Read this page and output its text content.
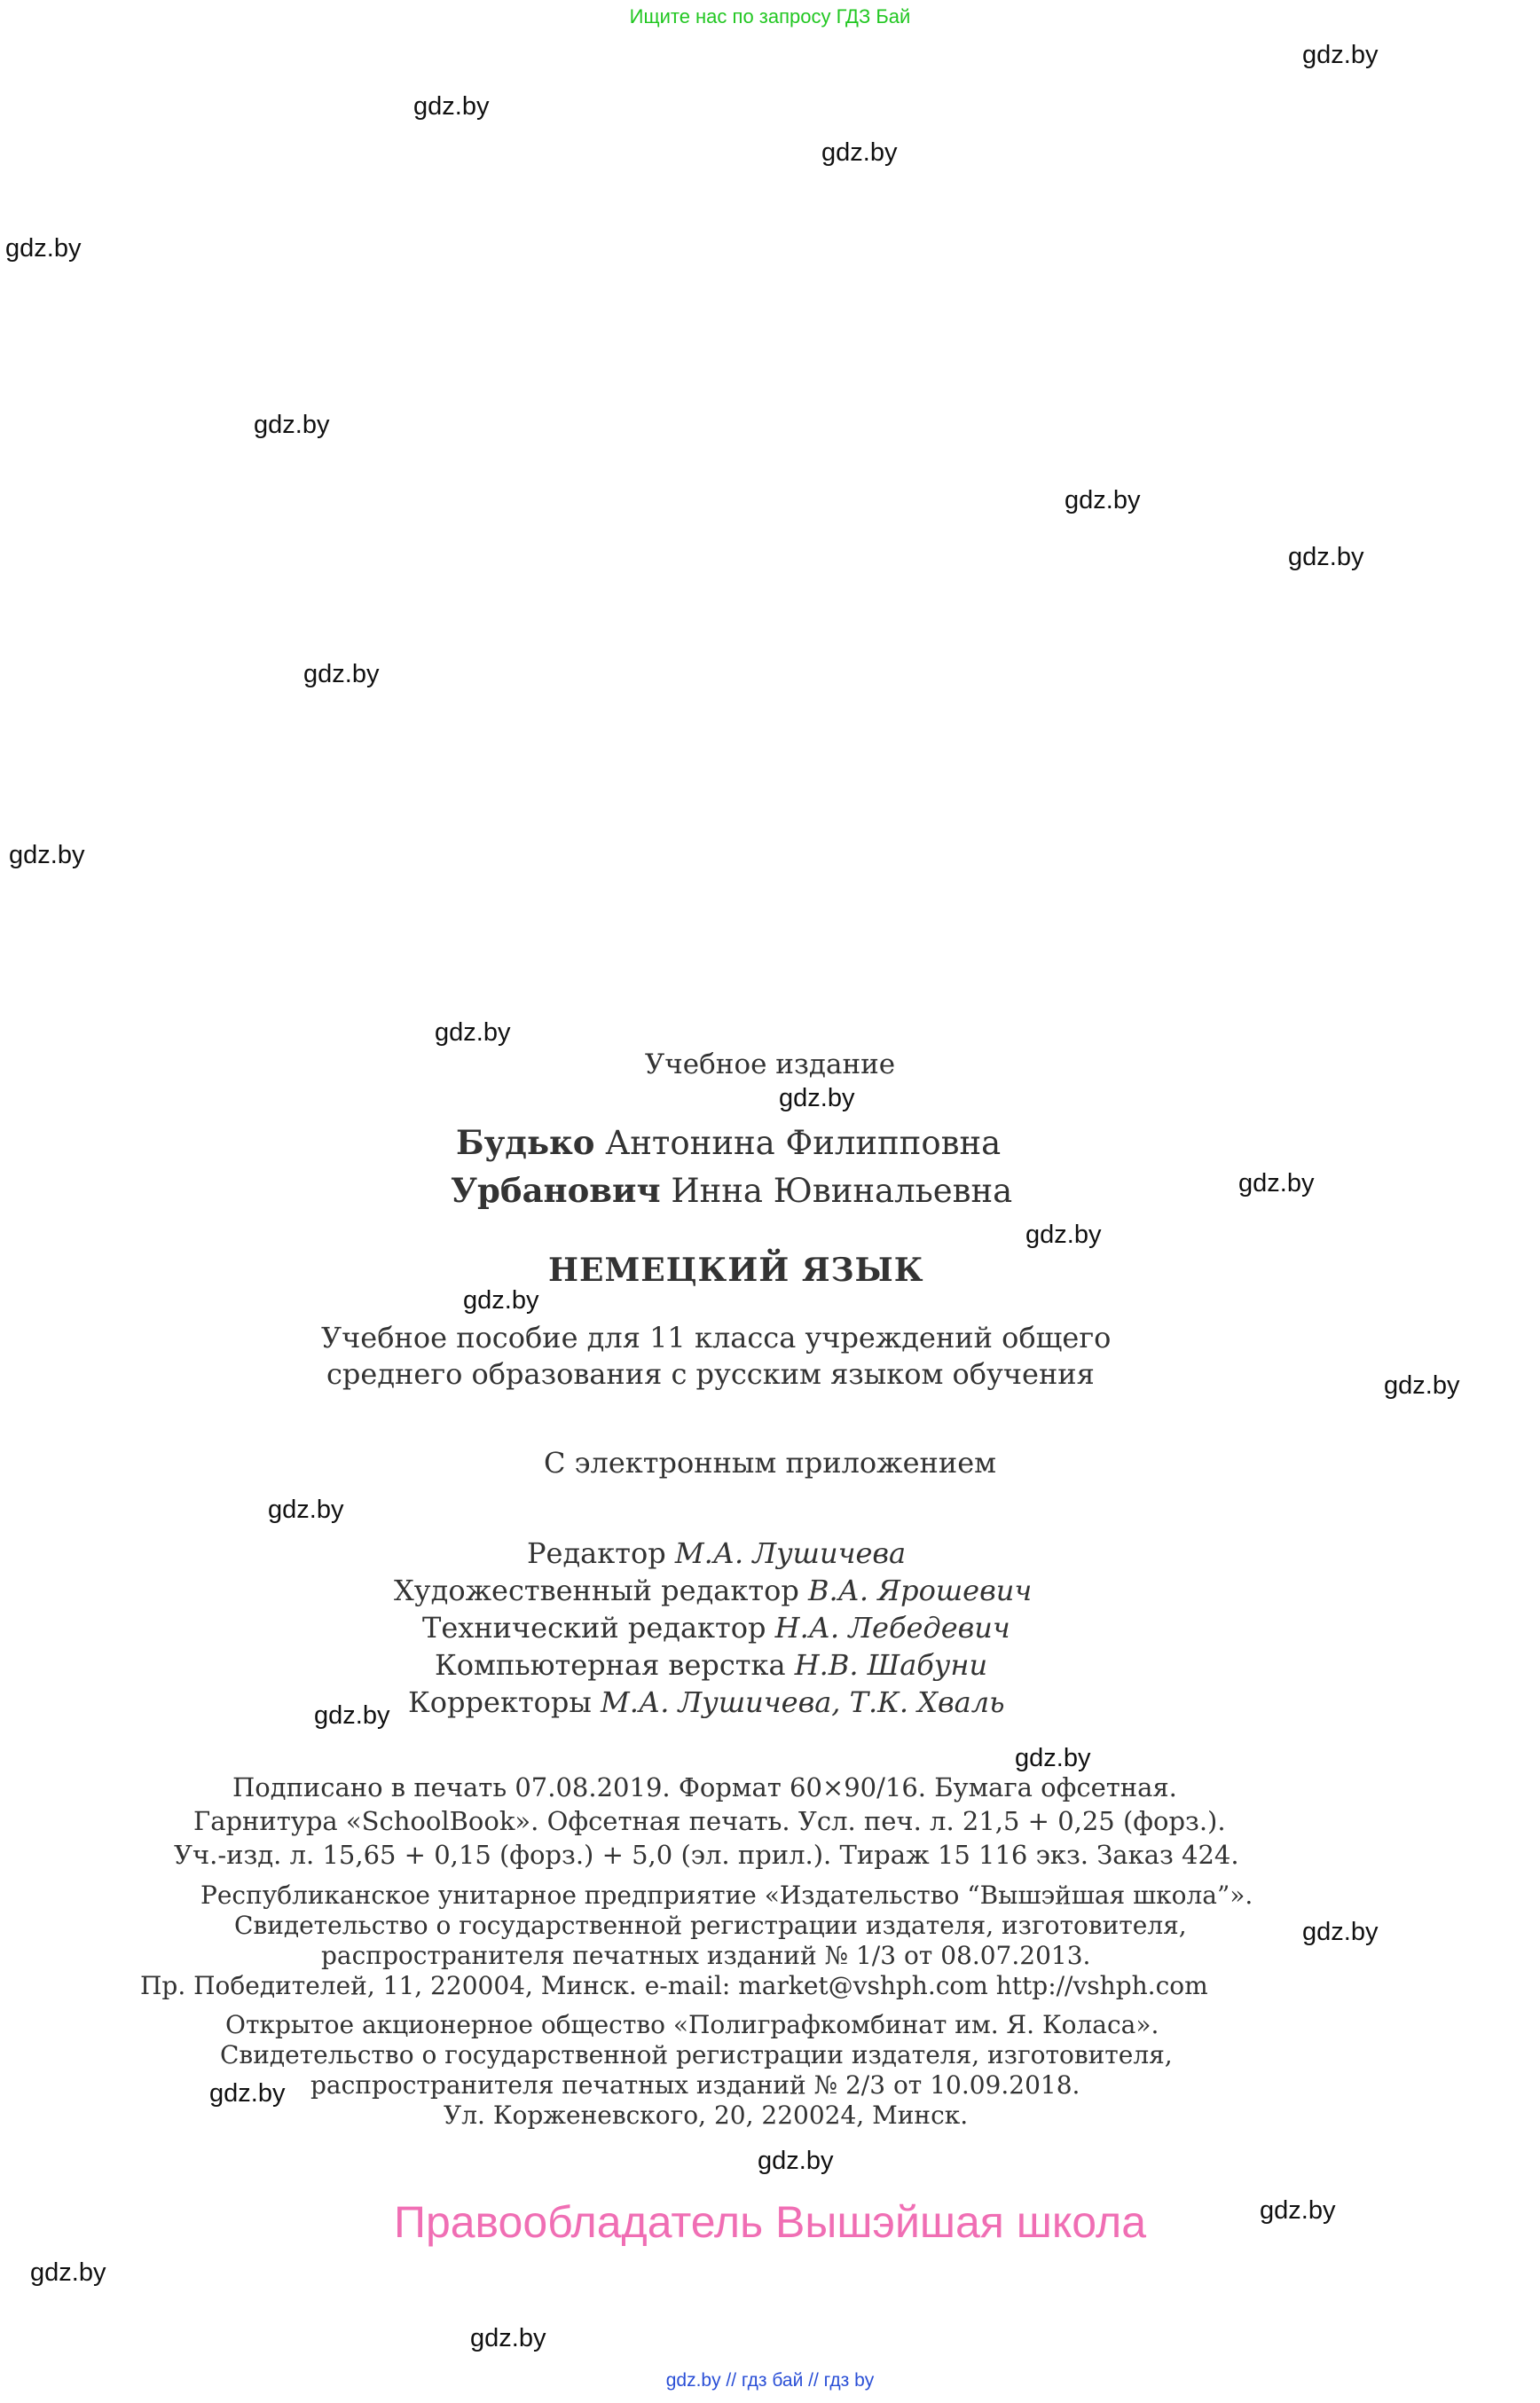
Ищите нас по запросу ГДЗ Бай
gdz.by
gdz.by
gdz.by
gdz.by
gdz.by
gdz.by
gdz.by
gdz.by
gdz.by
gdz.by
gdz.by
gdz.by
gdz.by
gdz.by
gdz.by
gdz.by
gdz.by
gdz.by
gdz.by
gdz.by
gdz.by
gdz.by
gdz.by
gdz.by
Учебное издание
Будько Антонина Филипповна
Урбанович Инна Ювинальевна
НЕМЕЦКИЙ ЯЗЫК
Учебное пособие для 11 класса учреждений общего
среднего образования с русским языком обучения
С электронным приложением
Редактор М.А. Лушичева
Художественный редактор В.А. Ярошевич
Технический редактор Н.А. Лебедевич
Компьютерная верстка Н.В. Шабуни
Корректоры М.А. Лушичева, Т.К. Хваль
Подписано в печать 07.08.2019. Формат 60×90/16. Бумага офсетная.
Гарнитура «SchoolBook». Офсетная печать. Усл. печ. л. 21,5 + 0,25 (форз.).
Уч.-изд. л. 15,65 + 0,15 (форз.) + 5,0 (эл. прил.). Тираж 15 116 экз. Заказ 424.
Республиканское унитарное предприятие «Издательство “Вышэйшая школа”».
Свидетельство о государственной регистрации издателя, изготовителя,
распространителя печатных изданий № 1/3 от 08.07.2013.
Пр. Победителей, 11, 220004, Минск. e-mail: market@vshph.com http://vshph.com
Открытое акционерное общество «Полиграфкомбинат им. Я. Коласа».
Свидетельство о государственной регистрации издателя, изготовителя,
распространителя печатных изданий № 2/3 от 10.09.2018.
Ул. Корженевского, 20, 220024, Минск.
Правообладатель Вышэйшая школа
gdz.by // гдз бай // гдз by
